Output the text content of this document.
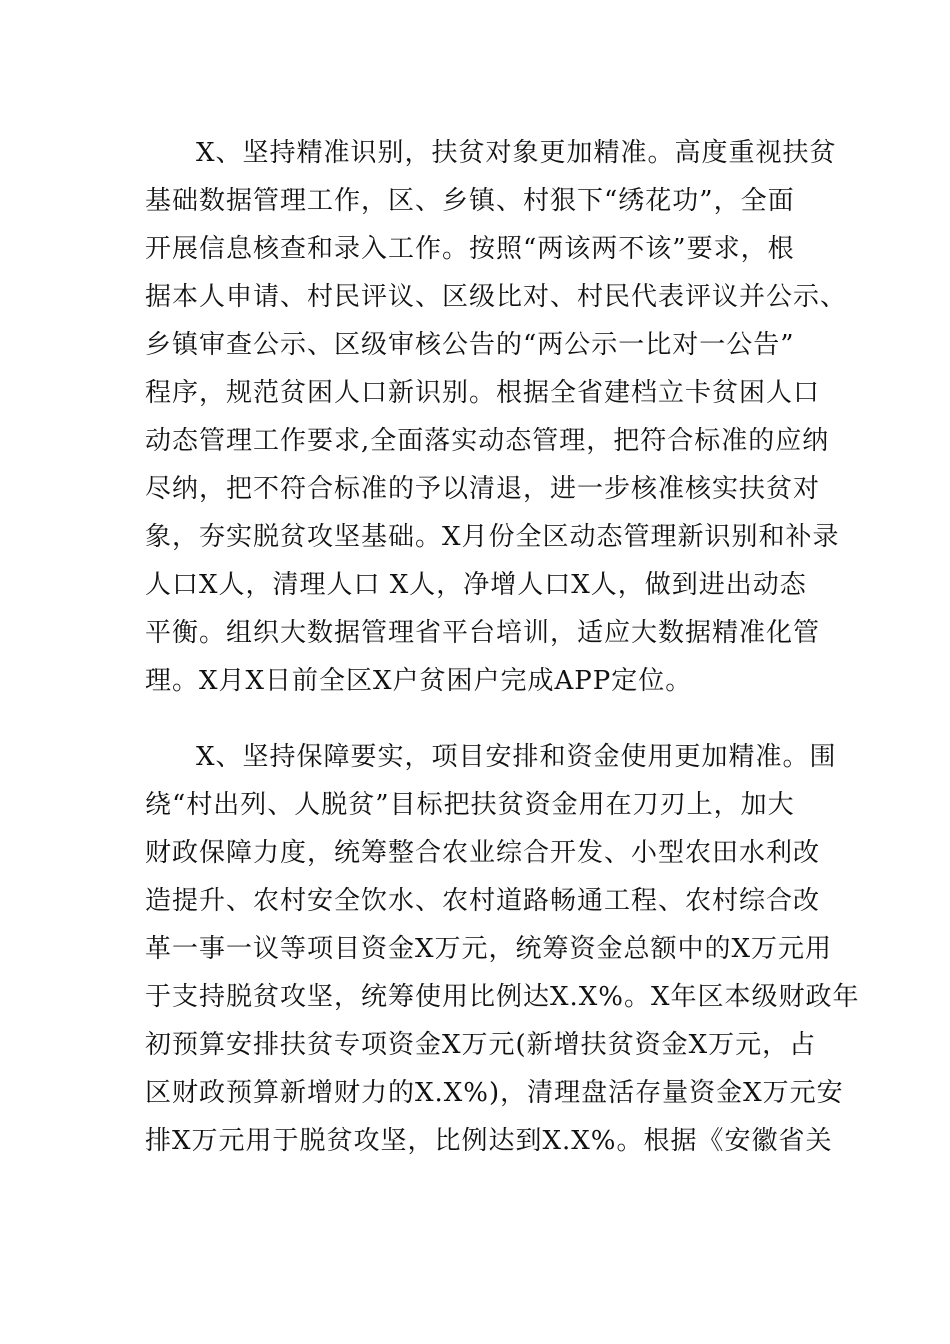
X、坚持精准识别，扶贫对象更加精准。高度重视扶贫
基础数据管理工作，区、乡镇、村狠下“绣花功”，全面
开展信息核查和录入工作。按照“两该两不该”要求，根
据本人申请、村民评议、区级比对、村民代表评议并公示、
乡镇审查公示、区级审核公告的“两公示一比对一公告”
程序，规范贫困人口新识别。根据全省建档立卡贫困人口
动态管理工作要求,全面落实动态管理，把符合标准的应纳
尽纳，把不符合标准的予以清退，进一步核准核实扶贫对
象，夯实脱贫攻坚基础。X月份全区动态管理新识别和补录
人口X人，清理人口 X人，净增人口X人，做到进出动态
平衡。组织大数据管理省平台培训，适应大数据精准化管
理。X月X日前全区X户贫困户完成APP定位。
X、坚持保障要实，项目安排和资金使用更加精准。围
绕“村出列、人脱贫”目标把扶贫资金用在刀刃上，加大
财政保障力度，统筹整合农业综合开发、小型农田水利改
造提升、农村安全饮水、农村道路畅通工程、农村综合改
革一事一议等项目资金X万元，统筹资金总额中的X万元用
于支持脱贫攻坚，统筹使用比例达X.X%。X年区本级财政年
初预算安排扶贫专项资金X万元(新增扶贫资金X万元，占
区财政预算新增财力的X.X%)，清理盘活存量资金X万元安
排X万元用于脱贫攻坚，比例达到X.X%。根据《安徽省关
